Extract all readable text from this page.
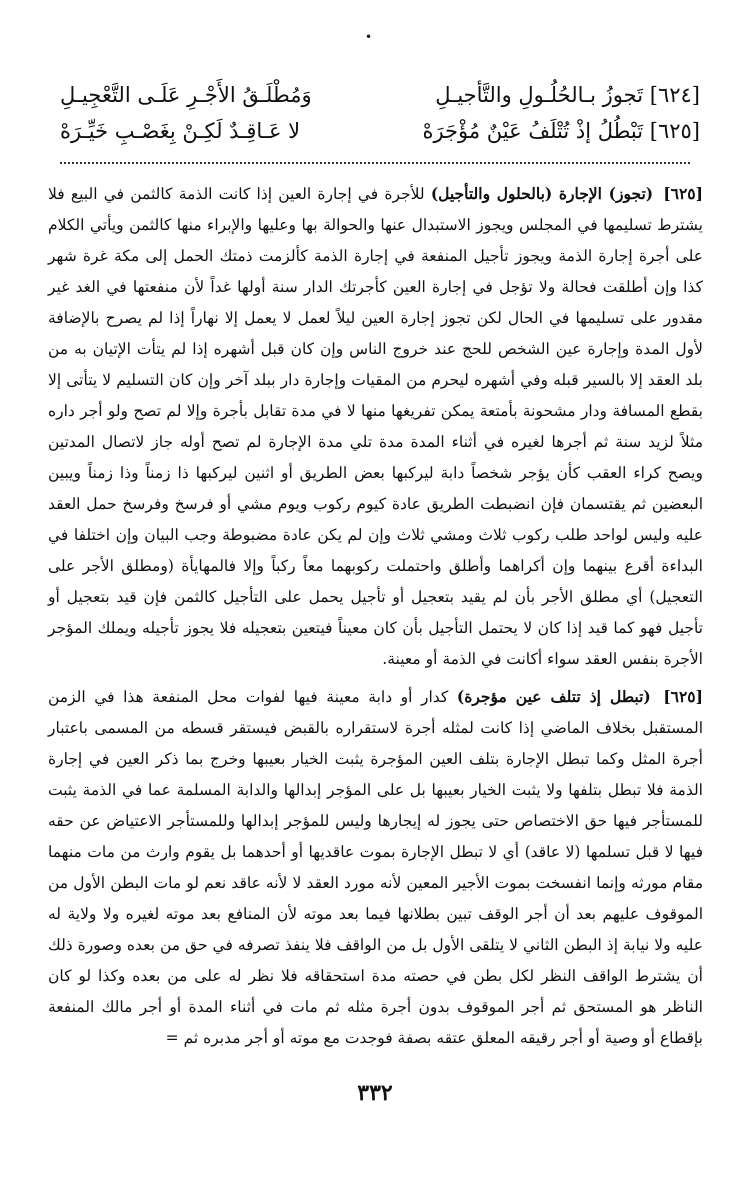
•
[٦٢٤] تَجوزُ بـالحُلُـولِ والتَّأجيـلِ
وَمُطْلَـقُ الأَجْـرِ عَلَـى التَّعْجِيـلِ
[٦٢٥] تَبْطُلُ إذْ تُتْلَفُ عَيْنٌ مُؤْجَرَهْ
لا عَـاقِـدٌ لَكِـنْ بِغَصْـبِ خَيِّـرَهْ

[٦٢٥] (تجوز) الإجارة (بالحلول والتأجيل) للأجرة في إجارة العين إذا كانت الذمة كالثمن في البيع فلا يشترط تسليمها في المجلس ويجوز الاستبدال عنها والحوالة بها وعليها والإبراء منها كالثمن ويأتي الكلام على أجرة إجارة الذمة ويجوز تأجيل المنفعة في إجارة الذمة كألزمت ذمتك الحمل إلى مكة غرة شهر كذا وإن أطلقت فحالة ولا تؤجل في إجارة العين كأجرتك الدار سنة أولها غداً لأن منفعتها في الغد غير مقدور على تسليمها في الحال لكن تجوز إجارة العين ليلاً لعمل لا يعمل إلا نهاراً إذا لم يصرح بالإضافة لأول المدة وإجارة عين الشخص للحج عند خروج الناس وإن كان قبل أشهره إذا لم يتأت الإتيان به من بلد العقد إلا بالسير قبله وفي أشهره ليحرم من المقيات وإجارة دار ببلد آخر وإن كان التسليم لا يتأتى إلا بقطع المسافة ودار مشحونة بأمتعة يمكن تفريغها منها لا في مدة تقابل بأجرة وإلا لم تصح ولو أجر داره مثلاً لزيد سنة ثم أجرها لغيره في أثناء المدة مدة تلي مدة الإجارة لم تصح أوله جاز لاتصال المدتين ويصح كراء العقب كأن يؤجر شخصاً دابة ليركبها بعض الطريق أو اثنين ليركبها ذا زمناً وذا زمناً ويبين البعضين ثم يقتسمان فإن انضبطت الطريق عادة كيوم ركوب ويوم مشي أو فرسخ وفرسخ حمل العقد عليه وليس لواحد طلب ركوب ثلاث ومشي ثلاث وإن لم يكن عادة مضبوطة وجب البيان وإن اختلفا في البداءة أقرع بينهما وإن أكراهما وأطلق واحتملت ركوبهما معاً ركباً وإلا فالمهايأة (ومطلق الأجر على التعجيل) أي مطلق الأجر بأن لم يقيد بتعجيل أو تأجيل يحمل على التأجيل كالثمن فإن قيد بتعجيل أو تأجيل فهو كما قيد إذا كان لا يحتمل التأجيل بأن كان معيناً فيتعين بتعجيله فلا يجوز تأجيله ويملك المؤجر الأجرة بنفس العقد سواء أكانت في الذمة أو معينة.

[٦٢٥] (تبطل إذ تتلف عين مؤجرة) كدار أو دابة معينة فيها لفوات محل المنفعة هذا في الزمن المستقبل بخلاف الماضي إذا كانت لمثله أجرة لاستقراره بالقبض فيستقر قسطه من المسمى باعتبار أجرة المثل وكما تبطل الإجارة بتلف العين المؤجرة يثبت الخيار بعيبها وخرج بما ذكر العين في إجارة الذمة فلا تبطل بتلفها ولا يثبت الخيار بعيبها بل على المؤجر إبدالها والدابة المسلمة عما في الذمة يثبت للمستأجر فيها حق الاختصاص حتى يجوز له إيجارها وليس للمؤجر إبدالها وللمستأجر الاعتياض عن حقه فيها لا قبل تسلمها (لا عاقد) أي لا تبطل الإجارة بموت عاقديها أو أحدهما بل يقوم وارث من مات منهما مقام مورثه وإنما انفسخت بموت الأجير المعين لأنه مورد العقد لا لأنه عاقد نعم لو مات البطن الأول من الموقوف عليهم بعد أن أجر الوقف تبين بطلانها فيما بعد موته لأن المنافع بعد موته لغيره ولا ولاية له عليه ولا نيابة إذ البطن الثاني لا يتلقى الأول بل من الواقف فلا ينفذ تصرفه في حق من بعده وصورة ذلك أن يشترط الواقف النظر لكل بطن في حصته مدة استحقاقه فلا نظر له على من بعده وكذا لو كان الناظر هو المستحق ثم أجر الموقوف بدون أجرة مثله ثم مات في أثناء المدة أو أجر مالك المنفعة بإقطاع أو وصية أو أجر رقيقه المعلق عتقه بصفة فوجدت مع موته أو أجر مدبره ثم =

٣٣٢
